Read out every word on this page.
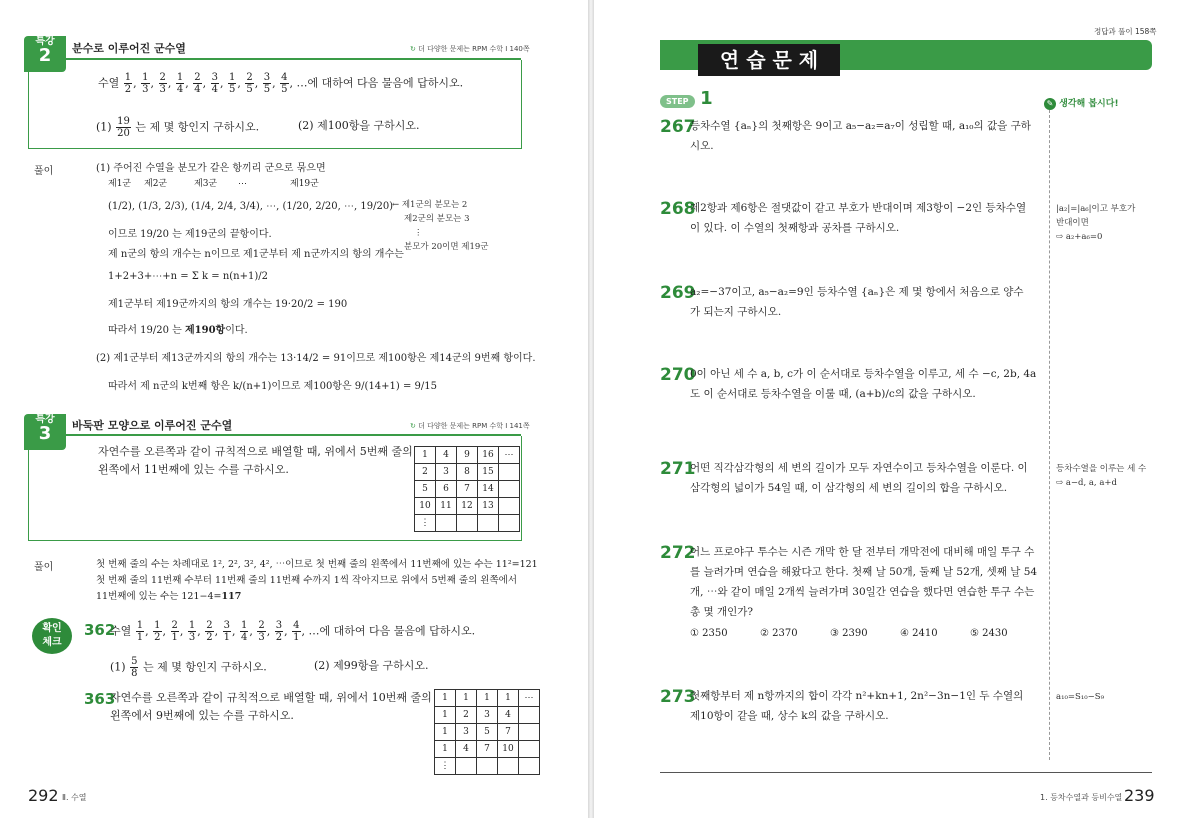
특강
2	분수로 이루어진 군수열	↻ 더 다양한 문제는 RPM 수학 Ⅰ 140쪽
수열 $\frac{1}{2}$ , $\frac{1}{3}$ , $\frac{2}{3}$ , $\frac{1}{4}$ , $\frac{2}{4}$ , $\frac{3}{4}$ , $\frac{1}{5}$ , $\frac{2}{5}$ , $\frac{3}{5}$ , $\frac{4}{5}$ , …에 대하여 다음 물음에 답하시오.
$(1) \frac{19}{20}$ 는 제 몇 항인지 구하시오.	(2) 제100항을 구하시오.
풀이	(1) 주어진 수열을 분모가 같은 항끼리 군으로 묶으면
제1군 제2군	제3군 ⋯	제19군
(1/2), (1/3, 2/3), (1/4, 2/4, 3/4), ⋯, (1/20, 2/20, ⋯, 19/20)
← 제1군의 분모는 2
제2군의 분모는 3
⋮
분모가 20이면 제19군
이므로 19/20 는 제19군의 끝항이다.
제 n군의 항의 개수는 n이므로 제1군부터 제 n군까지의 항의 개수는
1+2+3+⋯+n = Σ k = n(n+1)/2
제1군부터 제19군까지의 항의 개수는 19·20/2 = 190
따라서 19/20 는 제190항이다.
(2) 제1군부터 제13군까지의 항의 개수는 13·14/2 = 91이므로 제100항은 제14군의 9번째 항이다.
따라서 제 n군의 k번째 항은 k/(n+1)이므로 제100항은 9/(14+1) = 9/15
특강
3	바둑판 모양으로 이루어진 군수열	↻ 더 다양한 문제는 RPM 수학 Ⅰ 141쪽
자연수를 오른쪽과 같이 규칙적으로 배열할 때, 위에서 5번째 줄의
왼쪽에서 11번째에 있는 수를 구하시오.
1	4	9	16	⋯
2	3	8	15	
5	6	7	14	
10	11	12	13	
⋮				
풀이	첫 번째 줄의 수는 차례대로 1², 2², 3², 4², ⋯이므로 첫 번째 줄의 왼쪽에서 11번째에 있는 수는 11²=121
첫 번째 줄의 11번째 수부터 11번째 줄의 11번째 수까지 1씩 작아지므로 위에서 5번째 줄의 왼쪽에서
11번째에 있는 수는 121−4=117
확인
체크
362
수열 $\frac{1}{1}$ , $\frac{1}{2}$ , $\frac{2}{1}$ , $\frac{1}{3}$ , $\frac{2}{2}$ , $\frac{3}{1}$ , $\frac{1}{4}$ , $\frac{2}{3}$ , $\frac{3}{2}$ , $\frac{4}{1}$ , …에 대하여 다음 물음에 답하시오.
$(1) \frac{5}{8}$ 는 제 몇 항인지 구하시오.	(2) 제99항을 구하시오.
363
자연수를 오른쪽과 같이 규칙적으로 배열할 때, 위에서 10번째 줄의
왼쪽에서 9번째에 있는 수를 구하시오.
1	1	1	1	⋯
1	2	3	4	
1	3	5	7	
1	4	7	10	
⋮				
292 Ⅱ. 수열
정답과 풀이 158쪽
연 습 문 제
STEP 1	✎ 생각해 봅시다!
267
등차수열 {aₙ}의 첫째항은 9이고 a₅−a₂=a₇이 성립할 때, a₁₀의 값을 구하
시오.
268
제2항과 제6항은 절댓값이 같고 부호가 반대이며 제3항이 −2인 등차수열
이 있다. 이 수열의 첫째항과 공차를 구하시오.
269
a₂=−37이고, a₅−a₂=9인 등차수열 {aₙ}은 제 몇 항에서 처음으로 양수
가 되는지 구하시오.
270
0이 아닌 세 수 a, b, c가 이 순서대로 등차수열을 이루고, 세 수 −c, 2b, 4a
도 이 순서대로 등차수열을 이룰 때, (a+b)/c의 값을 구하시오.
271
어떤 직각삼각형의 세 변의 길이가 모두 자연수이고 등차수열을 이룬다. 이
삼각형의 넓이가 54일 때, 이 삼각형의 세 변의 길이의 합을 구하시오.
272
어느 프로야구 투수는 시즌 개막 한 달 전부터 개막전에 대비해 매일 투구 수
를 늘려가며 연습을 해왔다고 한다. 첫째 날 50개, 둘째 날 52개, 셋째 날 54
개, ⋯와 같이 매일 2개씩 늘려가며 30일간 연습을 했다면 연습한 투구 수는
총 몇 개인가?
273
첫째항부터 제 n항까지의 합이 각각 n²+kn+1, 2n²−3n−1인 두 수열의
제10항이 같을 때, 상수 k의 값을 구하시오.
① 2350	② 2370	③ 2390	④ 2410	⑤ 2430
|a₂|=|a₆|이고 부호가
반대이면
⇨ a₂+a₆=0
등차수열을 이루는 세 수
⇨ a−d, a, a+d
a₁₀=S₁₀−S₉
1. 등차수열과 등비수열 239
